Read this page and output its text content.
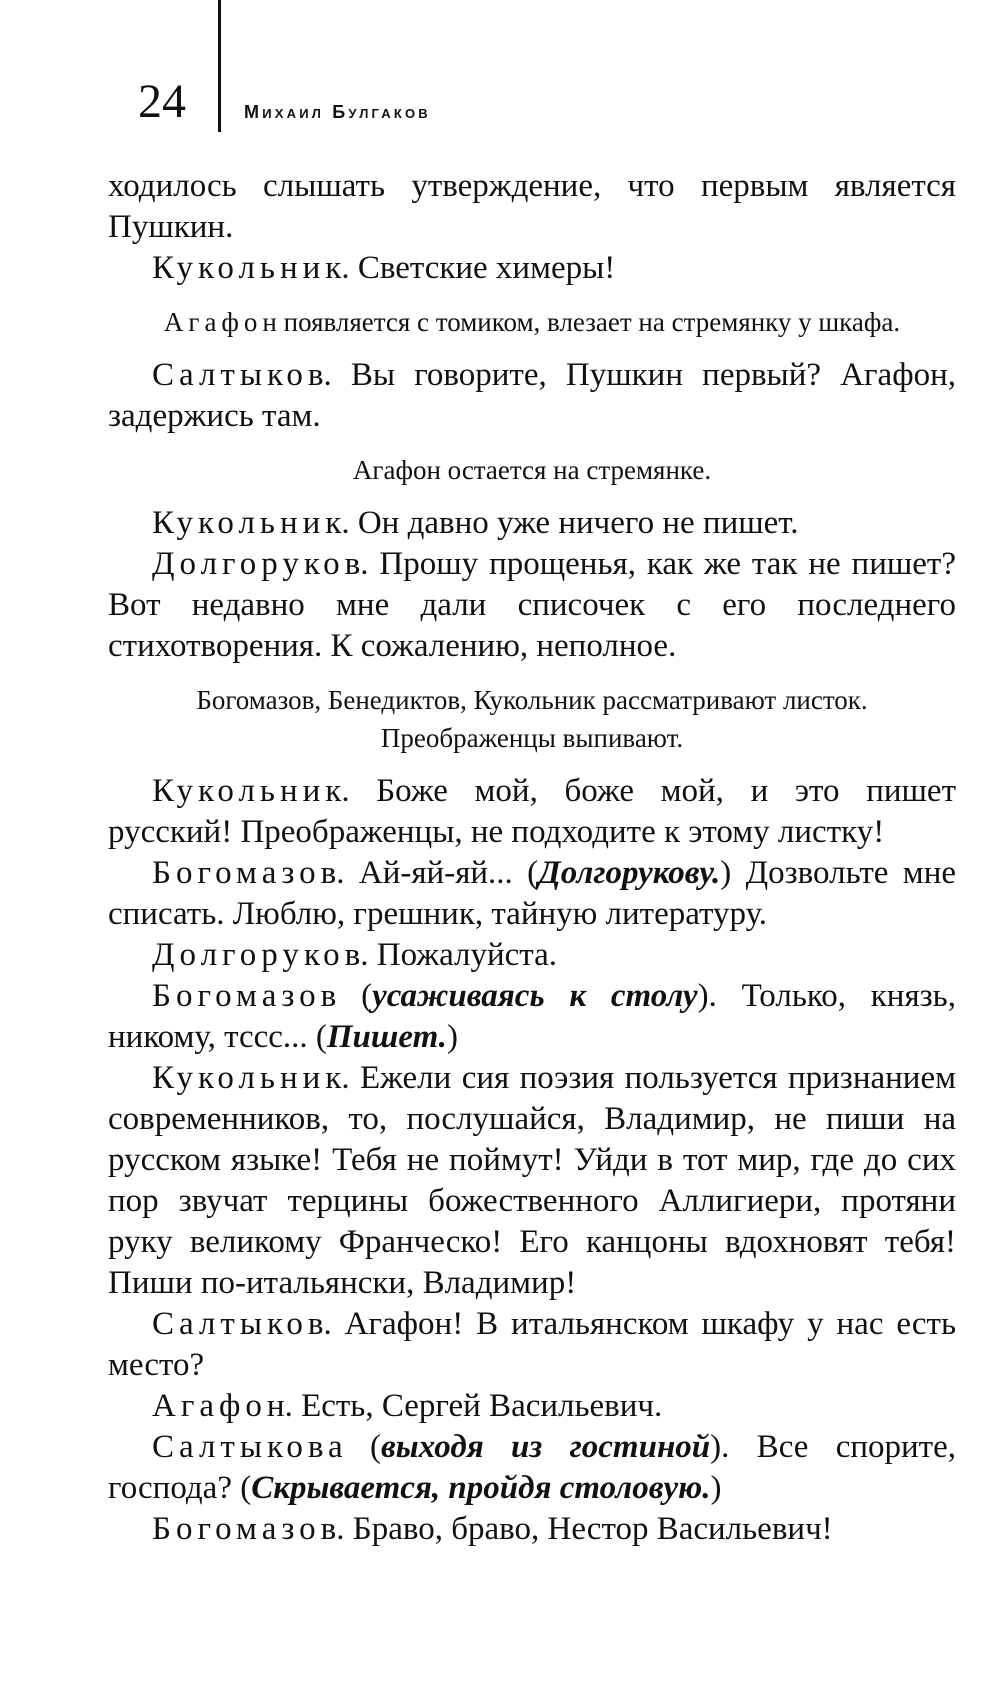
24	Михаил Булгаков

ходилось слышать утверждение, что первым является Пушкин.

Кукольник. Светские химеры!

Агафон появляется с томиком, влезает на стремянку у шкафа.

Салтыков. Вы говорите, Пушкин первый? Агафон, задержись там.

Агафон остается на стремянке.

Кукольник. Он давно уже ничего не пишет.

Долгоруков. Прошу прощенья, как же так не пишет? Вот недавно мне дали списочек с его последнего стихотворения. К сожалению, неполное.

Богомазов, Бенедиктов, Кукольник рассматривают листок. Преображенцы выпивают.

Кукольник. Боже мой, боже мой, и это пишет русский! Преображенцы, не подходите к этому листку!

Богомазов. Ай-яй-яй... (Долгорукову.) Дозвольте мне списать. Люблю, грешник, тайную литературу.

Долгоруков. Пожалуйста.

Богомазов (усаживаясь к столу). Только, князь, никому, тссс... (Пишет.)

Кукольник. Ежели сия поэзия пользуется признанием современников, то, послушайся, Владимир, не пиши на русском языке! Тебя не поймут! Уйди в тот мир, где до сих пор звучат терцины божественного Аллигиери, протяни руку великому Франческо! Его канцоны вдохновят тебя! Пиши по-итальянски, Владимир!

Салтыков. Агафон! В итальянском шкафу у нас есть место?

Агафон. Есть, Сергей Васильевич.

Салтыкова (выходя из гостиной). Все спорите, господа? (Скрывается, пройдя столовую.)

Богомазов. Браво, браво, Нестор Васильевич!
